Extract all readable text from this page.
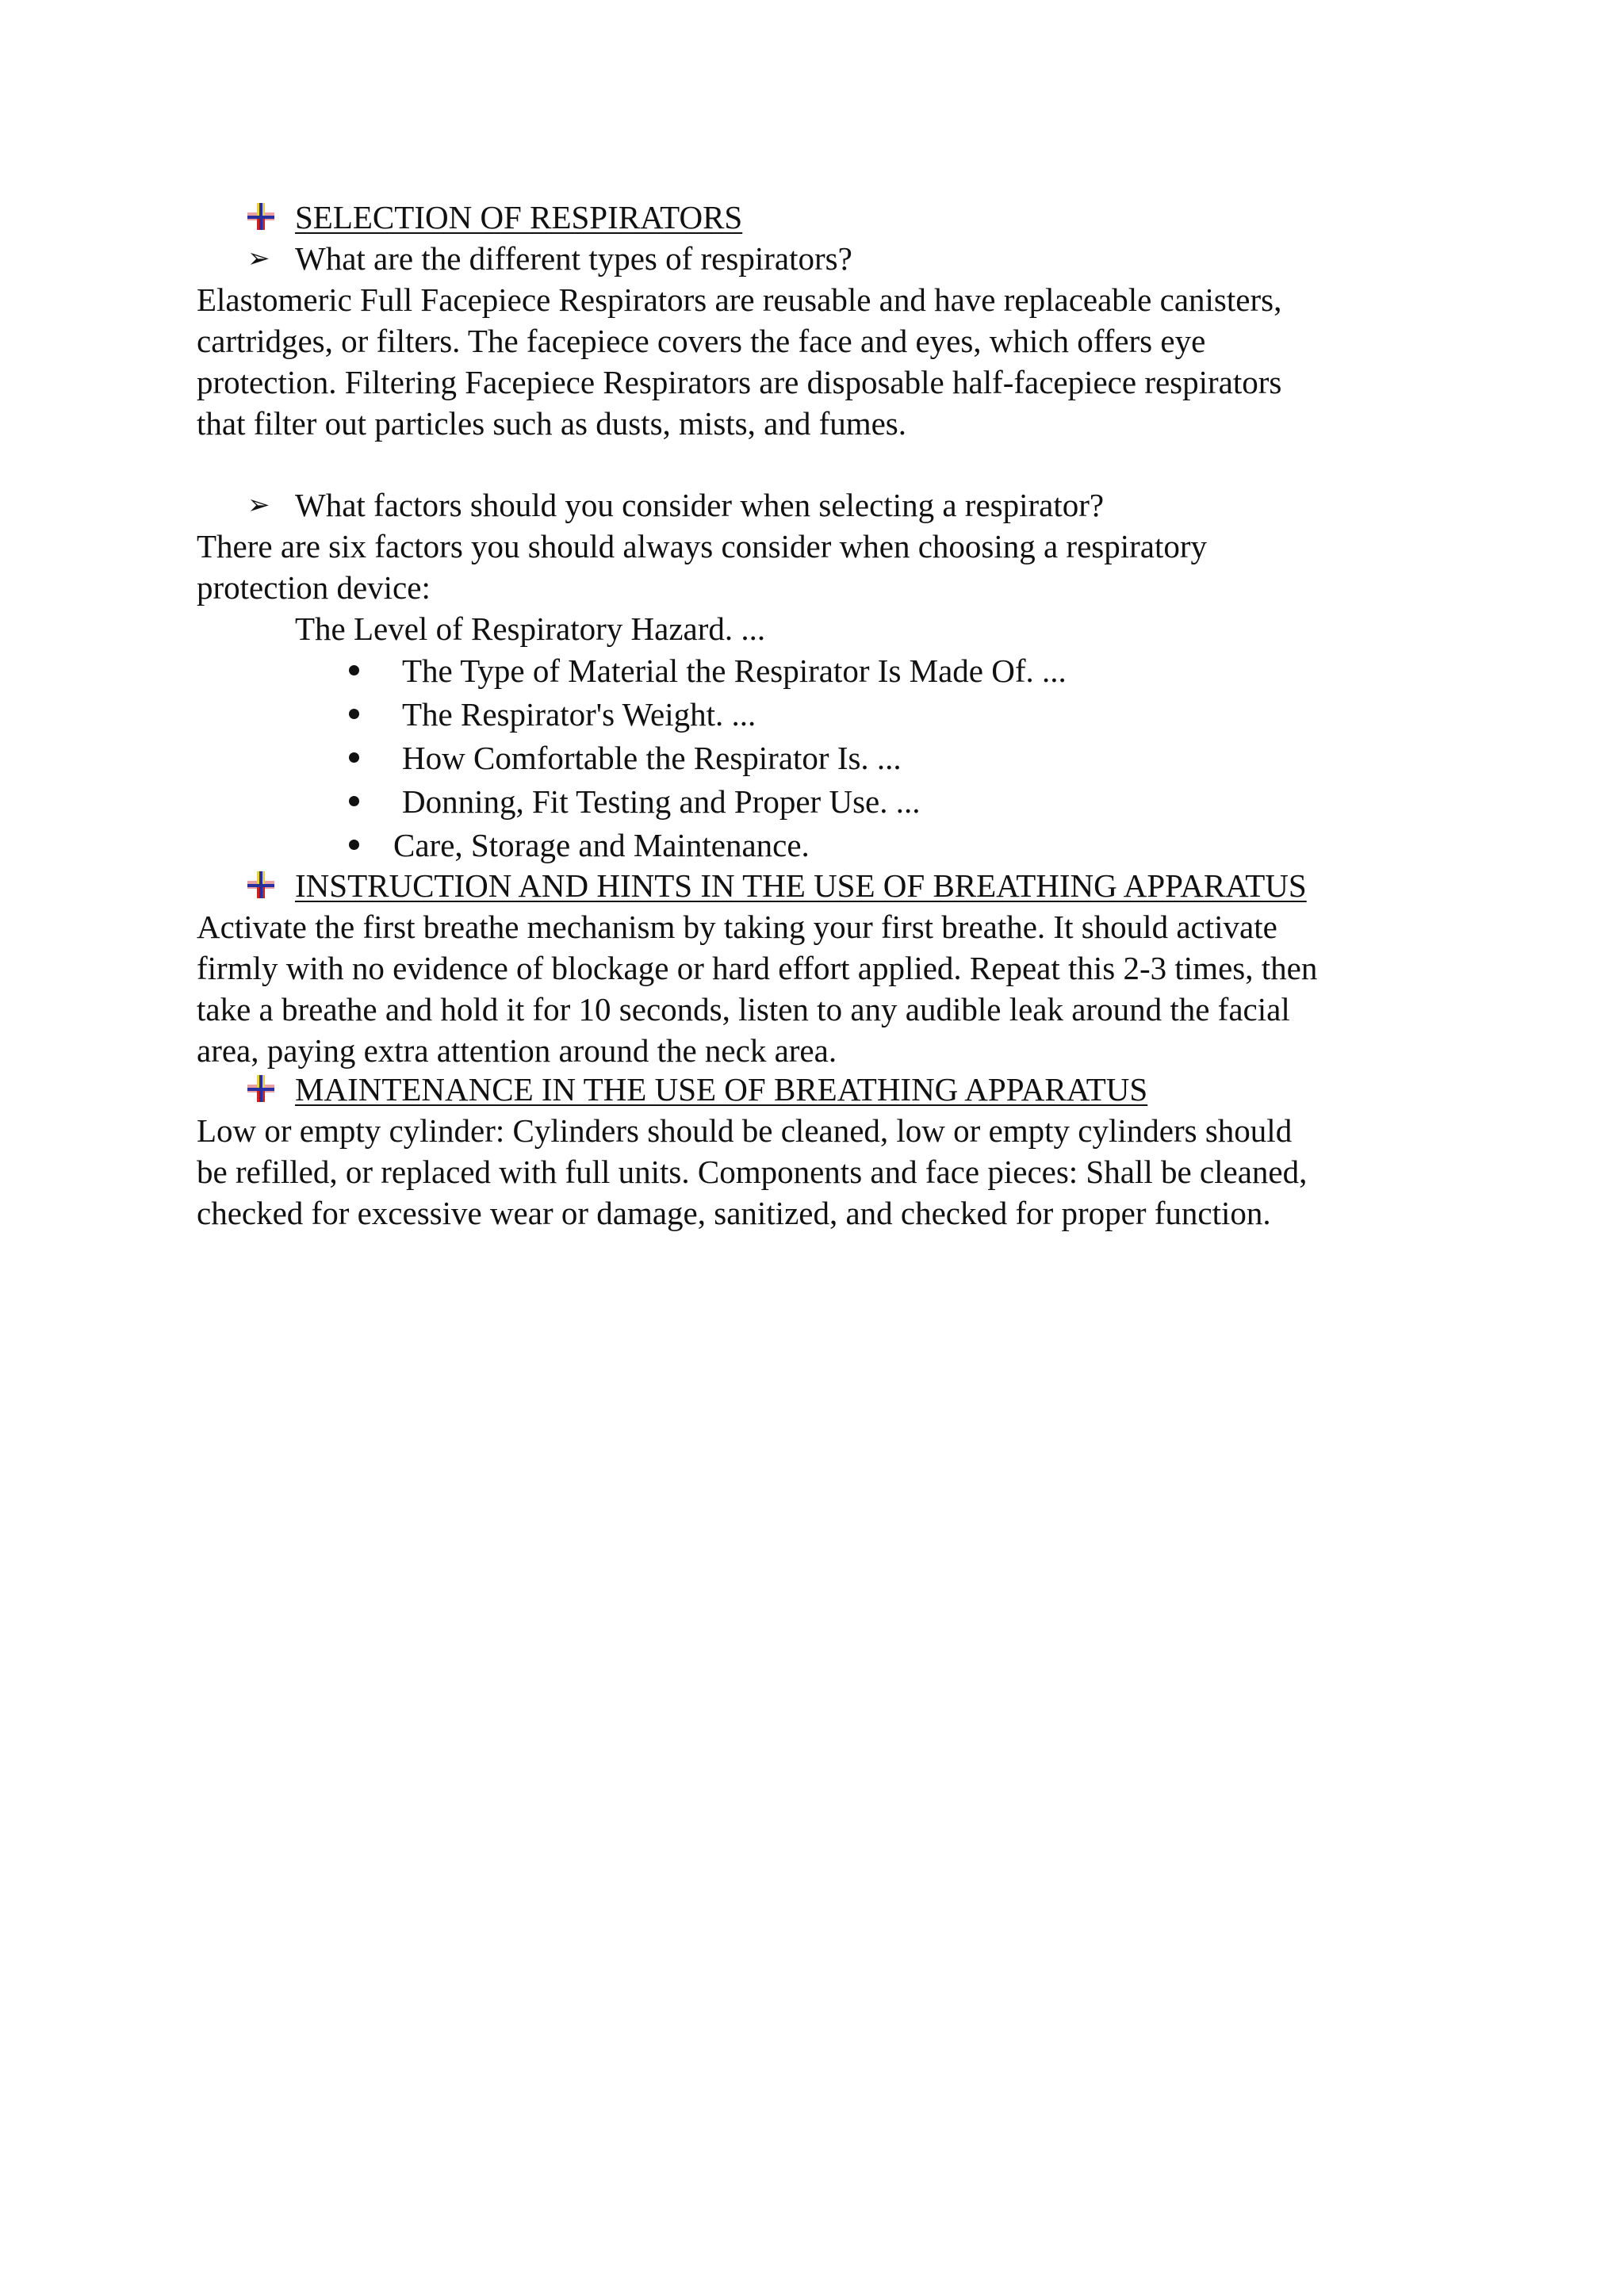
SELECTION OF RESPIRATORS
➢ What are the different types of respirators?
Elastomeric Full Facepiece Respirators are reusable and have replaceable canisters,
cartridges, or filters. The facepiece covers the face and eyes, which offers eye
protection. Filtering Facepiece Respirators are disposable half-facepiece respirators
that filter out particles such as dusts, mists, and fumes.
➢ What factors should you consider when selecting a respirator?
There are six factors you should always consider when choosing a respiratory
protection device:
The Level of Respiratory Hazard. ...
The Type of Material the Respirator Is Made Of. ...
The Respirator's Weight. ...
How Comfortable the Respirator Is. ...
Donning, Fit Testing and Proper Use. ...
Care, Storage and Maintenance.
INSTRUCTION AND HINTS IN THE USE OF BREATHING APPARATUS
Activate the first breathe mechanism by taking your first breathe. It should activate
firmly with no evidence of blockage or hard effort applied. Repeat this 2-3 times, then
take a breathe and hold it for 10 seconds, listen to any audible leak around the facial
area, paying extra attention around the neck area.
MAINTENANCE IN THE USE OF BREATHING APPARATUS
Low or empty cylinder: Cylinders should be cleaned, low or empty cylinders should
be refilled, or replaced with full units. Components and face pieces: Shall be cleaned,
checked for excessive wear or damage, sanitized, and checked for proper function.
